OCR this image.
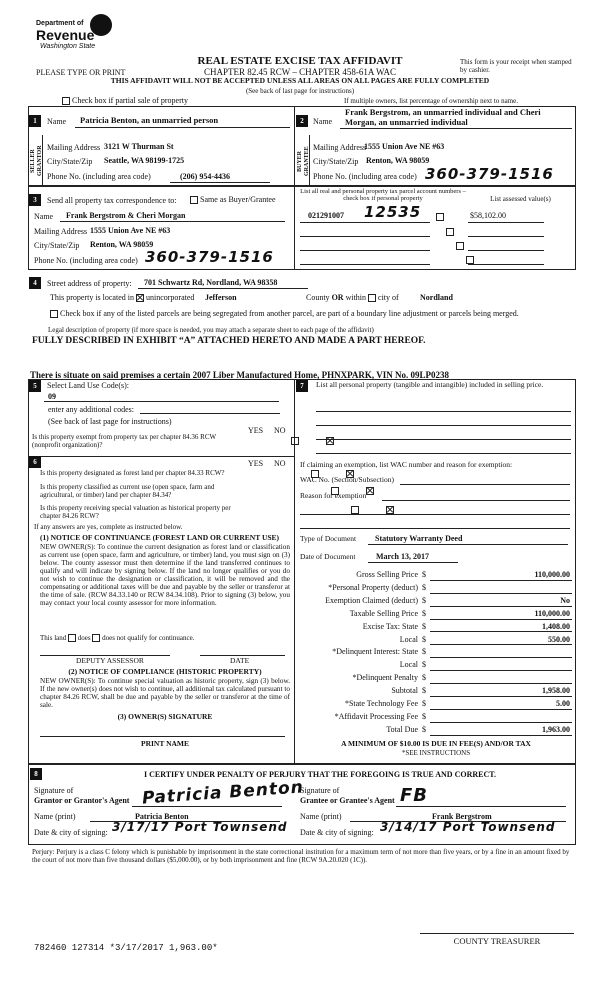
Department of
Revenue
Washington State
PLEASE TYPE OR PRINT
REAL ESTATE EXCISE TAX AFFIDAVIT
CHAPTER 82.45 RCW – CHAPTER 458-61A WAC
THIS AFFIDAVIT WILL NOT BE ACCEPTED UNLESS ALL AREAS ON ALL PAGES ARE FULLY COMPLETED
(See back of last page for instructions)
This form is your receipt when stamped by cashier.
Check box if partial sale of property	If multiple owners, list percentage of ownership next to name.
1	Name Patricia Benton, an unmarried person
SELLER GRANTOR Mailing Address 3121 W Thurman St
City/State/Zip Seattle, WA 98199-1725
Phone No. (including area code)	(206) 954-4436
2	Name
Frank Bergstrom, an unmarried individual and Cheri
Morgan, an unmarried individual
BUYER GRANTEE Mailing Address
1555 Union Ave NE #63
City/State/Zip Renton, WA 98059
Phone No. (including area code) 360-379-1516
3	Send all property tax correspondence to:	Same as Buyer/Grantee
Name Frank Bergstrom & Cheri Morgan
Mailing Address 1555 Union Ave NE #63
City/State/Zip Renton, WA 98059
Phone No. (including area code) 360-379-1516
List all real and personal property tax parcel account numbers – check box if personal property	List assessed value(s)
021291007 12535	$58,102.00

4	Street address of property: 701 Schwartz Rd, Nordland, WA 98358
This property is located in unincorporated	Jefferson	County OR within city of	Nordland
Check box if any of the listed parcels are being segregated from another parcel, are part of a boundary line adjustment or parcels being merged.
Legal description of property (if more space is needed, you may attach a separate sheet to each page of the affidavit)
FULLY DESCRIBED IN EXHIBIT “A” ATTACHED HERETO AND MADE A PART HEREOF.
There is situate on said premises a certain 2007 Liber Manufactured Home, PHNXPARK, VIN No. 09LP0238
5	Select Land Use Code(s):
09
enter any additional codes:
(See back of last page for instructions)
YES NO
Is this property exempt from property tax per chapter 84.36 RCW (nonprofit organization)?

6	YES NO
Is this property designated as forest land per chapter 84.33 RCW?

Is this property classified as current use (open space, farm and agricultural, or timber) land per chapter 84.34?

Is this property receiving special valuation as historical property per chapter 84.26 RCW?

If any answers are yes, complete as instructed below.
(1) NOTICE OF CONTINUANCE (FOREST LAND OR CURRENT USE)
NEW OWNER(S): To continue the current designation as forest land or classification as current use (open space, farm and agriculture, or timber) land, you must sign on (3) below. The county assessor must then determine if the land transferred continues to qualify and will indicate by signing below. If the land no longer qualifies or you do not wish to continue the designation or classification, it will be removed and the compensating or additional taxes will be due and payable by the seller or transferor at the time of sale. (RCW 84.33.140 or RCW 84.34.108). Prior to signing (3) below, you may contact your local county assessor for more information.
This land does does not qualify for continuance.
DEPUTY ASSESSOR	DATE
(2) NOTICE OF COMPLIANCE (HISTORIC PROPERTY)
NEW OWNER(S): To continue special valuation as historic property, sign (3) below. If the new owner(s) does not wish to continue, all additional tax calculated pursuant to chapter 84.26 RCW, shall be due and payable by the seller or transferor at the time of sale.
(3) OWNER(S) SIGNATURE
PRINT NAME
7	List all personal property (tangible and intangible) included in selling price.
If claiming an exemption, list WAC number and reason for exemption:
WAC No. (Section/Subsection)
Reason for exemption
Type of Document Statutory Warranty Deed
Date of Document	March 13, 2017
Gross Selling Price $	110,000.00
*Personal Property (deduct) $
Exemption Claimed (deduct) $	No
Taxable Selling Price $	110,000.00
Excise Tax: State $	1,408.00
Local $	550.00
*Delinquent Interest: State $
Local $
*Delinquent Penalty $
Subtotal $	1,958.00
*State Technology Fee $	5.00
*Affidavit Processing Fee $
Total Due $	1,963.00
A MINIMUM OF $10.00 IS DUE IN FEE(S) AND/OR TAX
*SEE INSTRUCTIONS
8	I CERTIFY UNDER PENALTY OF PERJURY THAT THE FOREGOING IS TRUE AND CORRECT.
Signature of
Grantor or Grantor's Agent Patricia Benton
Signature of
Grantee or Grantee's Agent FB
Name (print)	Patricia Benton	Name (print)	Frank Bergstrom
Date & city of signing: 3/17/17 Port Townsend Date & city of signing: 3/14/17 Port Townsend
Perjury: Perjury is a class C felony which is punishable by imprisonment in the state correctional institution for a maximum term of not more than five years, or by a fine in an amount fixed by the court of not more than five thousand dollars ($5,000.00), or by both imprisonment and fine (RCW 9A.20.020 (1C)).
782460 127314 *3/17/2017 1,963.00*
COUNTY TREASURER
